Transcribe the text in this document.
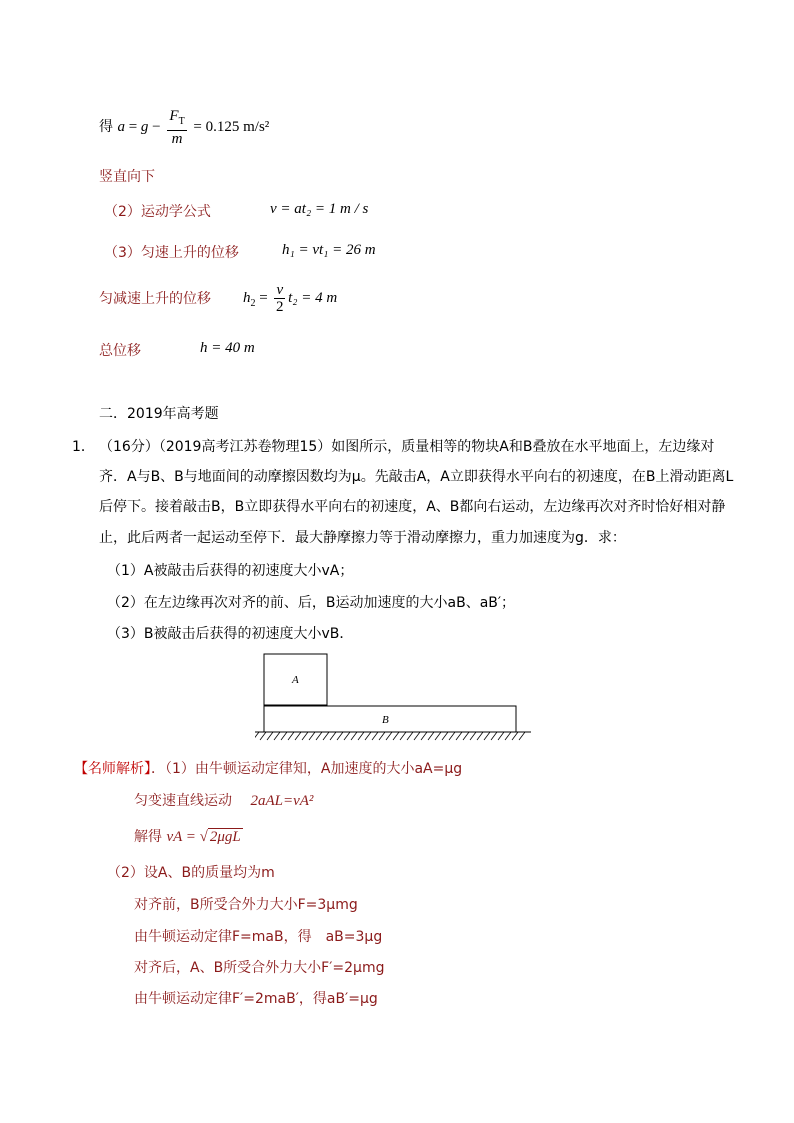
得 $a = g - \frac{F_T}{m} = 0.125$ m/s²
竖直向下
（2）运动学公式	v = at₂ = 1 m / s
（3）匀速上升的位移	h₁ = vt₁ = 26 m
匀减速上升的位移 $h_2 = \frac{v}{2} t_2 = 4$ m
总位移	h = 40 m
二．2019年高考题
1． （16分）（2019高考江苏卷物理15）如图所示，质量相等的物块A和B叠放在水平地面上，左边缘对
齐．A与B、B与地面间的动摩擦因数均为μ。先敲击A，A立即获得水平向右的初速度，在B上滑动距离L
后停下。接着敲击B，B立即获得水平向右的初速度，A、B都向右运动，左边缘再次对齐时恰好相对静
止，此后两者一起运动至停下．最大静摩擦力等于滑动摩擦力，重力加速度为g．求：
（1）A被敲击后获得的初速度大小vA；
（2）在左边缘再次对齐的前、后，B运动加速度的大小aB、aB′；
（3）B被敲击后获得的初速度大小vB．
A
B
【名师解析】．（1）由牛顿运动定律知，A加速度的大小aA=μg
匀变速直线运动 2aAL=vA²
解得 vA = √ 2μgL
（2）设A、B的质量均为m
对齐前，B所受合外力大小F=3μmg
由牛顿运动定律F=maB，得　aB=3μg
对齐后，A、B所受合外力大小F′=2μmg
由牛顿运动定律F′=2maB′，得aB′=μg
